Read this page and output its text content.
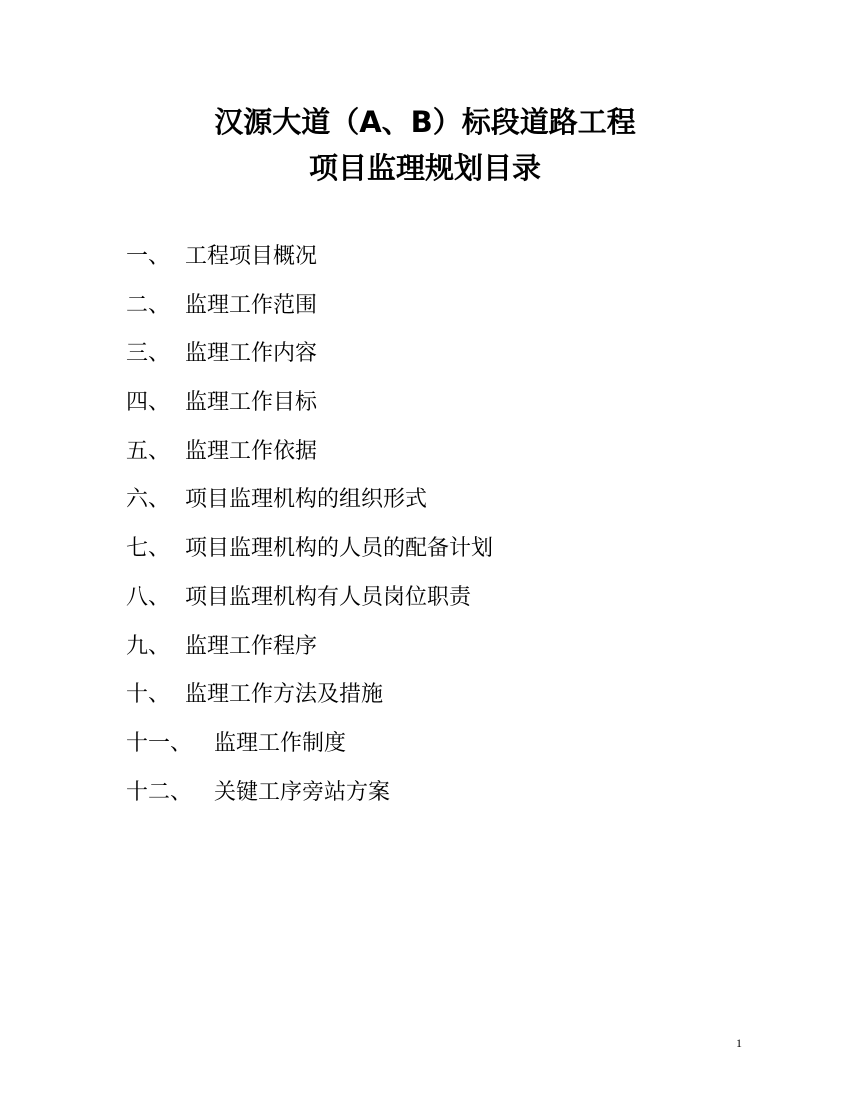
汉源大道（A、B）标段道路工程
项目监理规划目录
一、 工程项目概况
二、 监理工作范围
三、 监理工作内容
四、 监理工作目标
五、 监理工作依据
六、 项目监理机构的组织形式
七、 项目监理机构的人员的配备计划
八、 项目监理机构有人员岗位职责
九、 监理工作程序
十、 监理工作方法及措施
十一、 监理工作制度
十二、 关键工序旁站方案
1
